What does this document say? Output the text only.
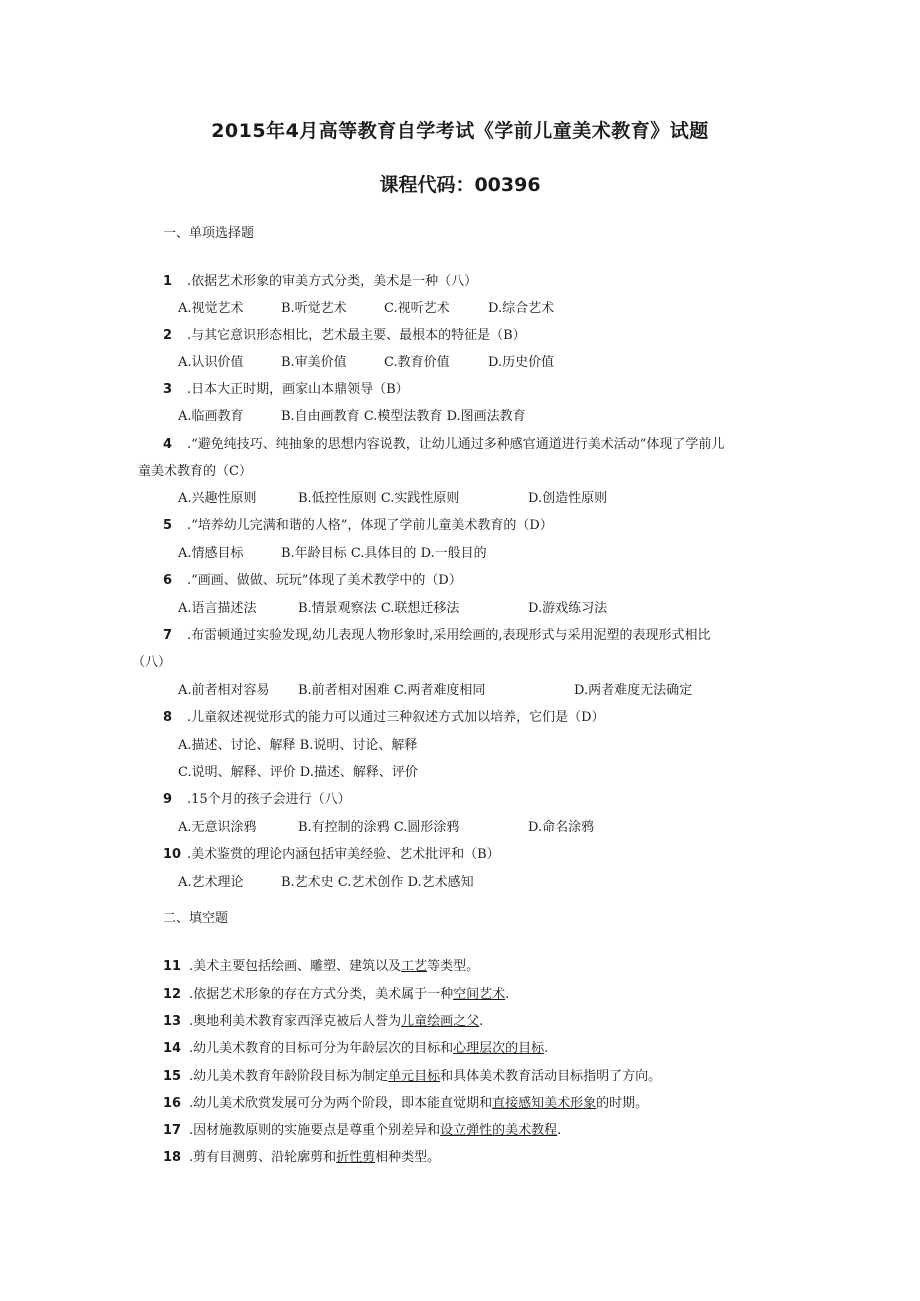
2015年4月高等教育自学考试《学前儿童美术教育》试题
课程代码：00396
一、单项选择题
1 .依据艺术形象的审美方式分类，美术是一种（八）
A.视觉艺术	B.听觉艺术	C.视听艺术	D.综合艺术
2 .与其它意识形态相比，艺术最主要、最根本的特征是（B）
A.认识价值	B.审美价值	C.教育价值	D.历史价值
3 .日本大正时期，画家山本鼎领导（B）
A.临画教育	B.自由画教育 C.模型法教育 D.图画法教育
4 .“避免纯技巧、纯抽象的思想内容说教，让幼儿通过多种感官通道进行美术活动”体现了学前儿
童美术教育的（C）
A.兴趣性原则	B.低控性原则 C.实践性原则	D.创造性原则
5 .“培养幼儿完满和谐的人格”，体现了学前儿童美术教育的（D）
A.情感目标	B.年龄目标 C.具体目的 D.一般目的
6 .“画画、做做、玩玩”体现了美术教学中的（D）
A.语言描述法	B.情景观察法 C.联想迁移法	D.游戏练习法
7 .布雷顿通过实验发现,幼儿表现人物形象时,采用绘画的,表现形式与采用泥塑的表现形式相比
（八）
A.前者相对容易 B.前者相对困难 C.两者难度相同	D.两者难度无法确定
8 .儿童叙述视觉形式的能力可以通过三种叙述方式加以培养，它们是（D）
A.描述、讨论、解释 B.说明、讨论、解释
C.说明、解释、评价 D.描述、解释、评价
9 .15个月的孩子会进行（八）
A.无意识涂鸦	B.有控制的涂鸦 C.圆形涂鸦	D.命名涂鸦
10 .美术鉴赏的理论内涵包括审美经验、艺术批评和（B）
A.艺术理论	B.艺术史 C.艺术创作 D.艺术感知
二、填空题
11 .美术主要包括绘画、雕塑、建筑以及工艺等类型。
12 .依据艺术形象的存在方式分类，美术属于一种空间艺术.
13 .奥地利美术教育家西泽克被后人誉为儿童绘画之父.
14 .幼儿美术教育的目标可分为年龄层次的目标和心理层次的目标.
15 .幼儿美术教育年龄阶段目标为制定单元目标和具体美术教育活动目标指明了方向。
16 .幼儿美术欣赏发展可分为两个阶段，即本能直觉期和直接感知美术形象的时期。
17 .因材施教原则的实施要点是尊重个别差异和设立弹性的美术教程.
18 .剪有目测剪、沿轮廓剪和折性剪相种类型。
